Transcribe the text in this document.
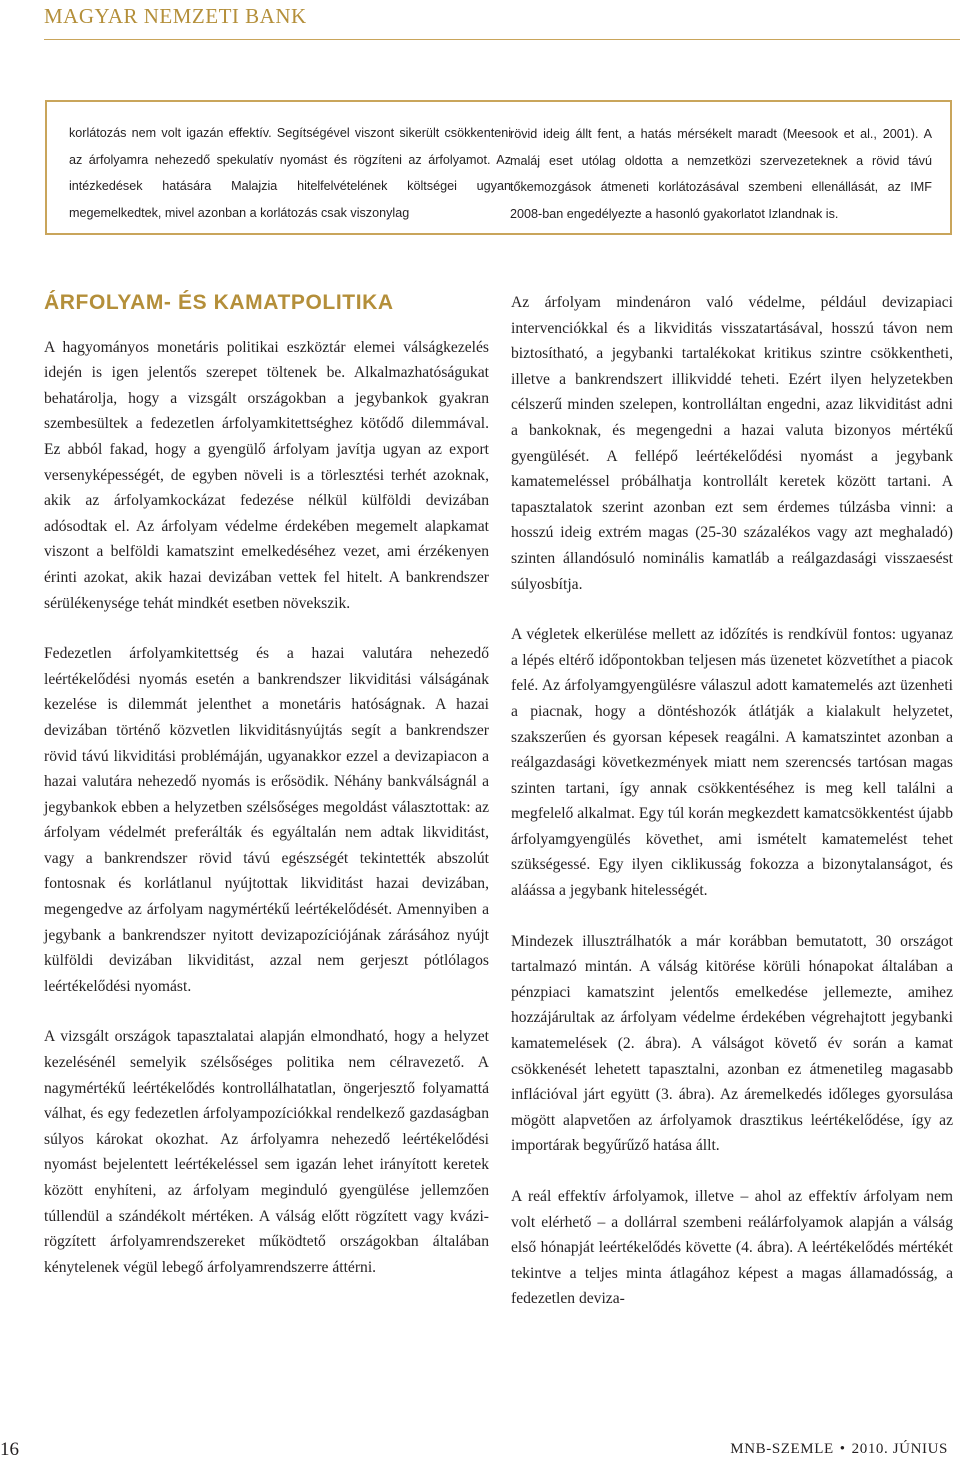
MAGYAR NEMZETI BANK
korlátozás nem volt igazán effektív. Segítségével viszont sikerült csökkenteni az árfolyamra nehezedő spekulatív nyomást és rögzíteni az árfolyamot. Az intézkedések hatására Malajzia hitelfelvételének költségei ugyan megemelkedtek, mivel azonban a korlátozás csak viszonylag
rövid ideig állt fent, a hatás mérsékelt maradt (Meesook et al., 2001). A maláj eset utólag oldotta a nemzetközi szervezeteknek a rövid távú tőkemozgások átmeneti korlátozásával szembeni ellenállását, az IMF 2008-ban engedélyezte a hasonló gyakorlatot Izlandnak is.
ÁRFOLYAM- ÉS KAMATPOLITIKA

A hagyományos monetáris politikai eszköztár elemei válságkezelés idején is igen jelentős szerepet töltenek be. Alkalmazhatóságukat behatárolja, hogy a vizsgált országokban a jegybankok gyakran szembesültek a fedezetlen árfolyamkitettséghez kötődő dilemmával. Ez abból fakad, hogy a gyengülő árfolyam javítja ugyan az export versenyképességét, de egyben növeli is a törlesztési terhét azoknak, akik az árfolyamkockázat fedezése nélkül külföldi devizában adósodtak el. Az árfolyam védelme érdekében megemelt alapkamat viszont a belföldi kamatszint emelkedéséhez vezet, ami érzékenyen érinti azokat, akik hazai devizában vettek fel hitelt. A bankrendszer sérülékenysége tehát mindkét esetben növekszik.

Fedezetlen árfolyamkitettség és a hazai valutára nehezedő leértékelődési nyomás esetén a bankrendszer likviditási válságának kezelése is dilemmát jelenthet a monetáris hatóságnak. A hazai devizában történő közvetlen likviditásnyújtás segít a bankrendszer rövid távú likviditási problémáján, ugyanakkor ezzel a devizapiacon a hazai valutára nehezedő nyomás is erősödik. Néhány bankválságnál a jegybankok ebben a helyzetben szélsőséges megoldást választottak: az árfolyam védelmét preferálták és egyáltalán nem adtak likviditást, vagy a bankrendszer rövid távú egészségét tekintették abszolút fontosnak és korlátlanul nyújtottak likviditást hazai devizában, megengedve az árfolyam nagymértékű leértékelődését. Amennyiben a jegybank a bankrendszer nyitott devizapozíciójának zárásához nyújt külföldi devizában likviditást, azzal nem gerjeszt pótlólagos leértékelődési nyomást.

A vizsgált országok tapasztalatai alapján elmondható, hogy a helyzet kezelésénél semelyik szélsőséges politika nem célravezető. A nagymértékű leértékelődés kontrollálhatatlan, öngerjesztő folyamattá válhat, és egy fedezetlen árfolyampozíciókkal rendelkező gazdaságban súlyos károkat okozhat. Az árfolyamra nehezedő leértékelődési nyomást bejelentett leértékeléssel sem igazán lehet irányított keretek között enyhíteni, az árfolyam meginduló gyengülése jellemzően túllendül a szándékolt mértéken. A válság előtt rögzített vagy kvázi-rögzített árfolyamrendszereket működtető országokban általában kénytelenek végül lebegő árfolyamrendszerre áttérni.

Az árfolyam mindenáron való védelme, például devizapiaci intervenciókkal és a likviditás visszatartásával, hosszú távon nem biztosítható, a jegybanki tartalékokat kritikus szintre csökkentheti, illetve a bankrendszert illikviddé teheti. Ezért ilyen helyzetekben célszerű minden szelepen, kontrolláltan engedni, azaz likviditást adni a bankoknak, és megengedni a hazai valuta bizonyos mértékű gyengülését. A fellépő leértékelődési nyomást a jegybank kamatemeléssel próbálhatja kontrollált keretek között tartani. A tapasztalatok szerint azonban ezt sem érdemes túlzásba vinni: a hosszú ideig extrém magas (25-30 százalékos vagy azt meghaladó) szinten állandósuló nominális kamatláb a reálgazdasági visszaesést súlyosbítja.

A végletek elkerülése mellett az időzítés is rendkívül fontos: ugyanaz a lépés eltérő időpontokban teljesen más üzenetet közvetíthet a piacok felé. Az árfolyamgyengülésre válaszul adott kamatemelés azt üzenheti a piacnak, hogy a döntéshozók átlátják a kialakult helyzetet, szakszerűen és gyorsan képesek reagálni. A kamatszintet azonban a reálgazdasági következmények miatt nem szerencsés tartósan magas szinten tartani, így annak csökkentéséhez is meg kell találni a megfelelő alkalmat. Egy túl korán megkezdett kamatcsökkentést újabb árfolyamgyengülés követhet, ami ismételt kamatemelést tehet szükségessé. Egy ilyen ciklikusság fokozza a bizonytalanságot, és aláássa a jegybank hitelességét.

Mindezek illusztrálhatók a már korábban bemutatott, 30 országot tartalmazó mintán. A válság kitörése körüli hónapokat általában a pénzpiaci kamatszint jelentős emelkedése jellemezte, amihez hozzájárultak az árfolyam védelme érdekében végrehajtott jegybanki kamatemelések (2. ábra). A válságot követő év során a kamat csökkenését lehetett tapasztalni, azonban ez átmenetileg magasabb inflációval járt együtt (3. ábra). Az áremelkedés időleges gyorsulása mögött alapvetően az árfolyamok drasztikus leértékelődése, így az importárak begyűrűző hatása állt.

A reál effektív árfolyamok, illetve – ahol az effektív árfolyam nem volt elérhető – a dollárral szembeni reálárfolyamok alapján a válság első hónapját leértékelődés követte (4. ábra). A leértékelődés mértékét tekintve a teljes minta átlagához képest a magas államadósság, a fedezetlen deviza-

16	MNB-SZEMLE • 2010. JÚNIUS
